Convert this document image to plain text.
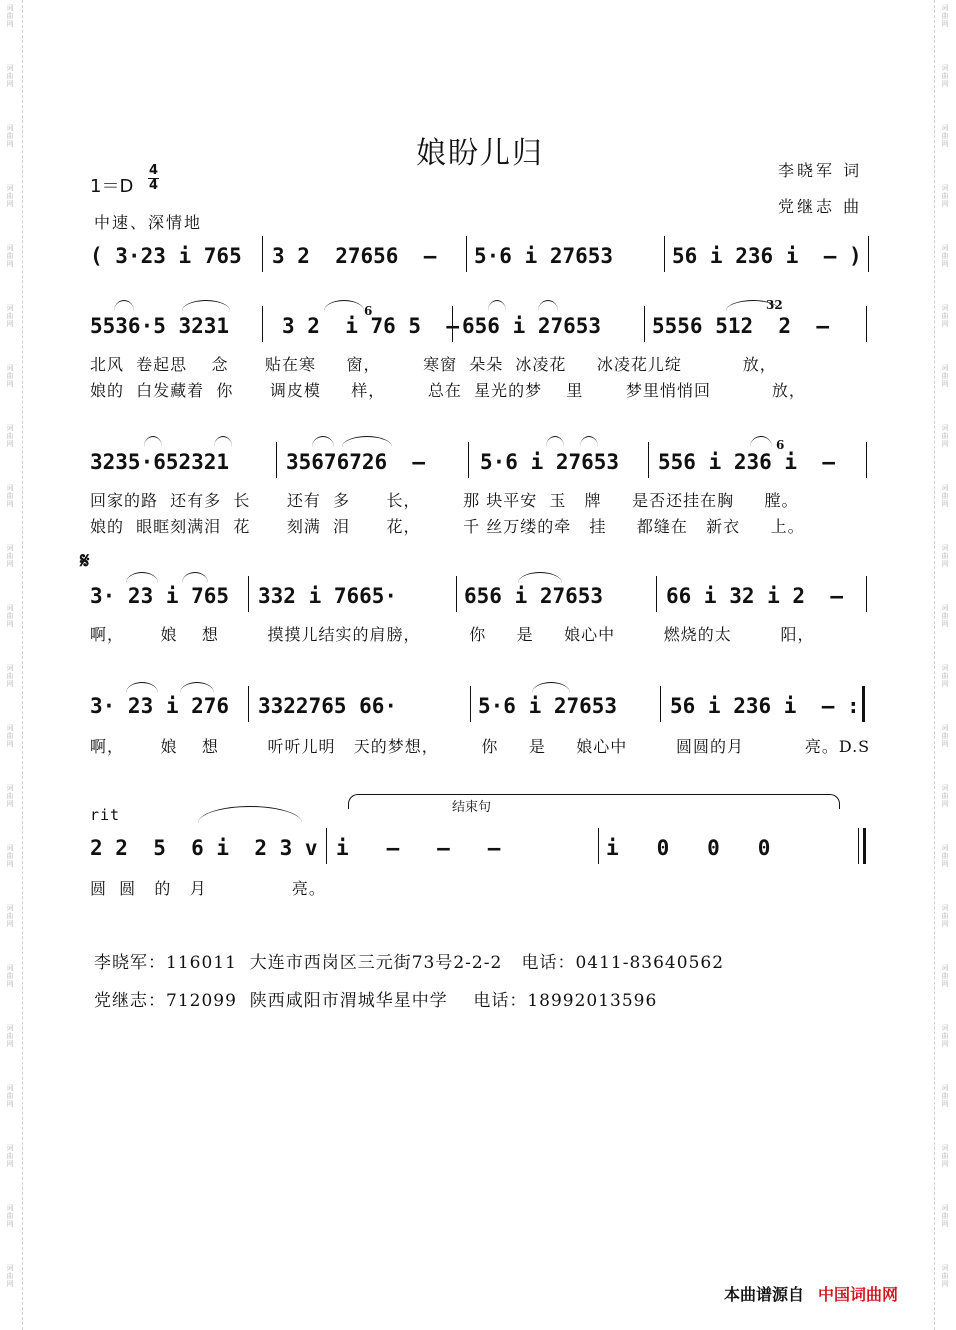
词曲网
词曲网
词曲网
词曲网
词曲网
词曲网
词曲网
词曲网
词曲网
词曲网
词曲网
词曲网
词曲网
词曲网
词曲网
词曲网
词曲网
词曲网
词曲网
词曲网
词曲网
词曲网
词曲网
词曲网
词曲网
词曲网
词曲网
词曲网
词曲网
词曲网
词曲网
词曲网
词曲网
词曲网
词曲网
词曲网
词曲网
词曲网
词曲网
词曲网
词曲网
词曲网
词曲网
词曲网
娘盼儿归	李晓军 词
党继志 曲
$1=D \frac{4}{4}$
中速、深情地
( 3·23 i 765 3 2  27656  – 5·6 i 27653	56 i 236 i  – )
5536·5 3231	3 2  i 76 5  –
6
656 i 27653 5556 512  2  –
32
北风  卷起思    念      贴在寒     窗，       寒窗  朵朵  冰凌花     冰凌花儿绽          放，
娘的  白发藏着  你      调皮模     样，       总在  星光的梦    里       梦里悄悄回          放，
3235·652321	35676726  –	5·6 i 27653 556 i 236 i  –
6
回家的路  还有多  长      还有  多      长，       那 块平安  玉   牌     是否还挂在胸     膛。
娘的  眼眶刻满泪  花      刻满  泪      花，       千 丝万缕的牵   挂     都缝在   新衣     上。
𝄋
3· 23 i 765 332 i 7665·	656 i 27653	66 i 32 i 2  –
啊，      娘    想        摸摸儿结实的肩膀，        你     是     娘心中        燃烧的太        阳，
3· 23 i 276 3322765 66·	5·6 i 27653	56 i 236 i  – :
啊，      娘    想        听听儿明   天的梦想，       你     是     娘心中        圆圆的月          亮。D.S
rit	结束句
2 2  5  6 i  2 3 v i   –   –   –	i   0   0   0
圆  圆   的   月              亮。
李晓军：116011  大连市西岗区三元街73号2-2-2   电话：0411-83640562
党继志：712099  陕西咸阳市渭城华星中学    电话：18992013596
本曲谱源自 中国词曲网
